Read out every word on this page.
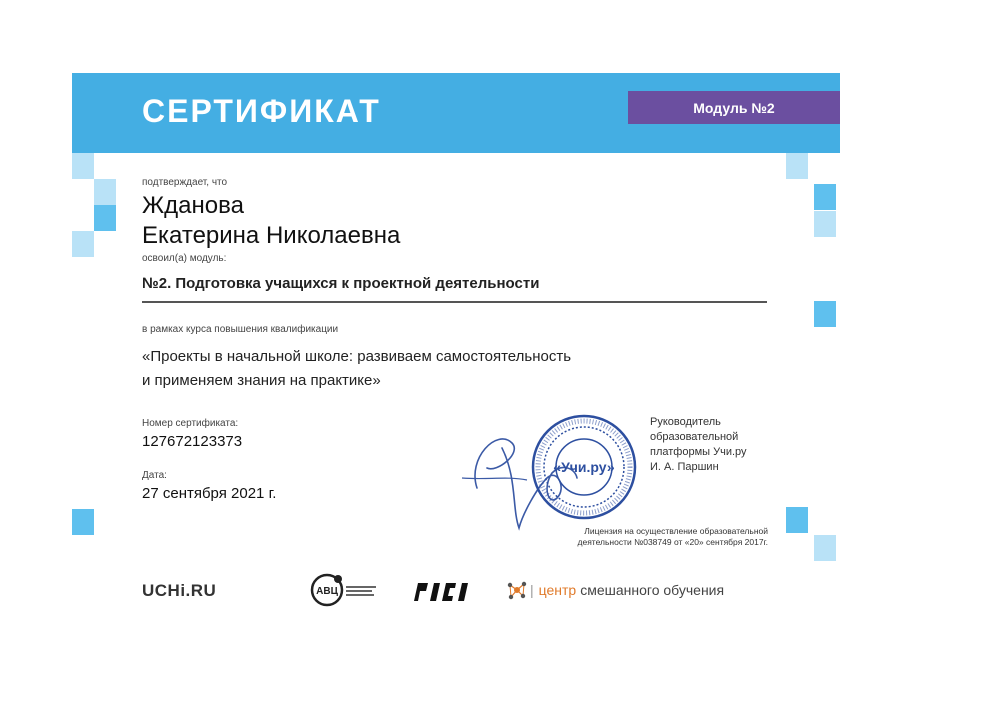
СЕРТИФИКАТ	Модуль №2
подтверждает, что
Жданова
Екатерина Николаевна
освоил(а) модуль:
№2. Подготовка учащихся к проектной деятельности
в рамках курса повышения квалификации
«Проекты в начальной школе: развиваем самостоятельность
и применяем знания на практике»
Номер сертификата:
127672123373
Дата:
27 сентября 2021 г.
«Учи.ру»
Руководитель
образовательной
платформы Учи.ру
И. А. Паршин
Лицензия на осуществление образовательной
деятельности №038749 от «20» сентября 2017г.
UCHi.RU	АВЦ	| центр смешанного обучения
